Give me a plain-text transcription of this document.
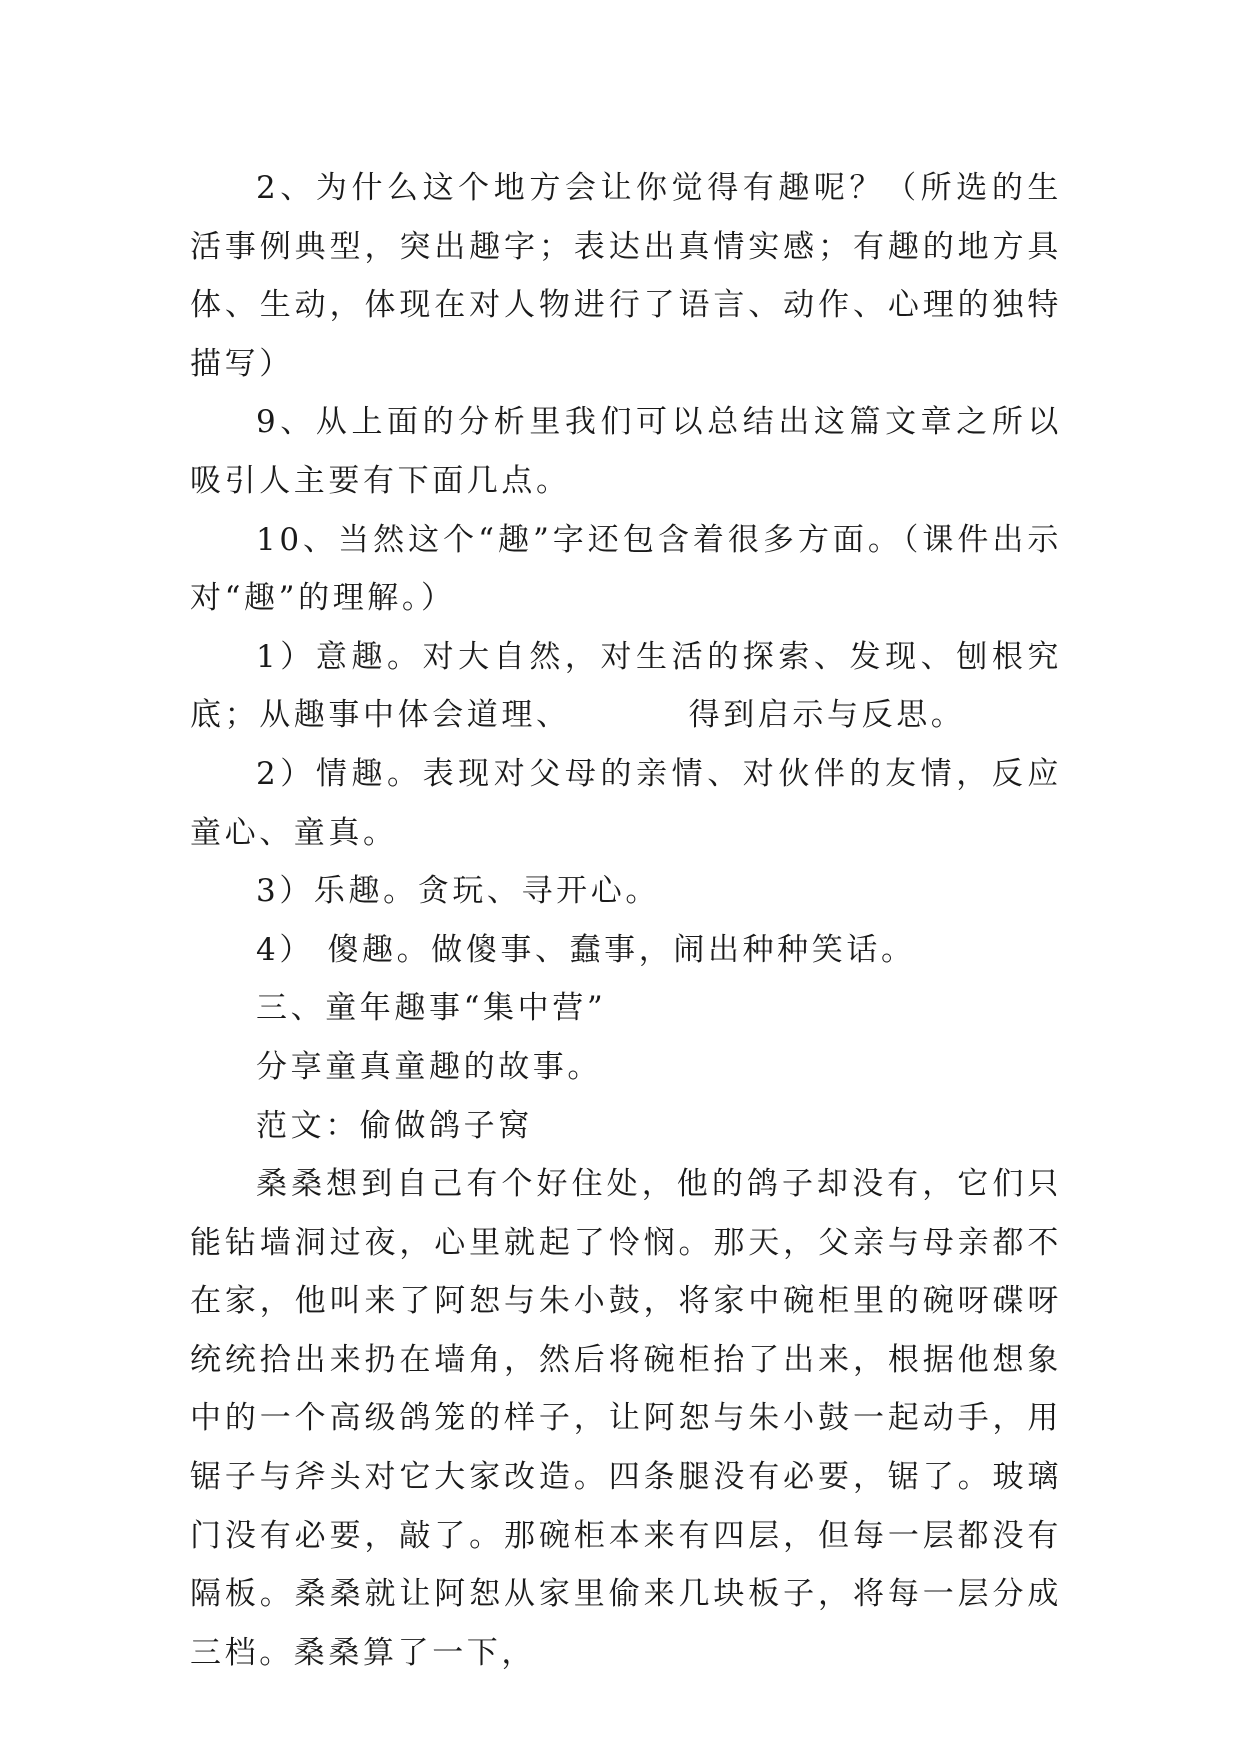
2、为什么这个地方会让你觉得有趣呢？（所选的生活事例典型，突出趣字；表达出真情实感；有趣的地方具体、生动，体现在对人物进行了语言、动作、心理的独特描写）

9、从上面的分析里我们可以总结出这篇文章之所以吸引人主要有下面几点。

10、当然这个“趣”字还包含着很多方面。（课件出示对“趣”的理解。）

1）意趣。对大自然，对生活的探索、发现、刨根究底；从趣事中体会道理、	得到启示与反思。

2）情趣。表现对父母的亲情、对伙伴的友情，反应童心、童真。

3）乐趣。贪玩、寻开心。

4） 傻趣。做傻事、蠢事，闹出种种笑话。

三、童年趣事“集中营”

分享童真童趣的故事。

范文：偷做鸽子窝

桑桑想到自己有个好住处，他的鸽子却没有，它们只能钻墙洞过夜，心里就起了怜悯。那天，父亲与母亲都不在家，他叫来了阿恕与朱小鼓，将家中碗柜里的碗呀碟呀统统拾出来扔在墙角，然后将碗柜抬了出来，根据他想象中的一个高级鸽笼的样子，让阿恕与朱小鼓一起动手，用锯子与斧头对它大家改造。四条腿没有必要，锯了。玻璃门没有必要，敲了。那碗柜本来有四层，但每一层都没有隔板。桑桑就让阿恕从家里偷来几块板子，将每一层分成三档。桑桑算了一下，
